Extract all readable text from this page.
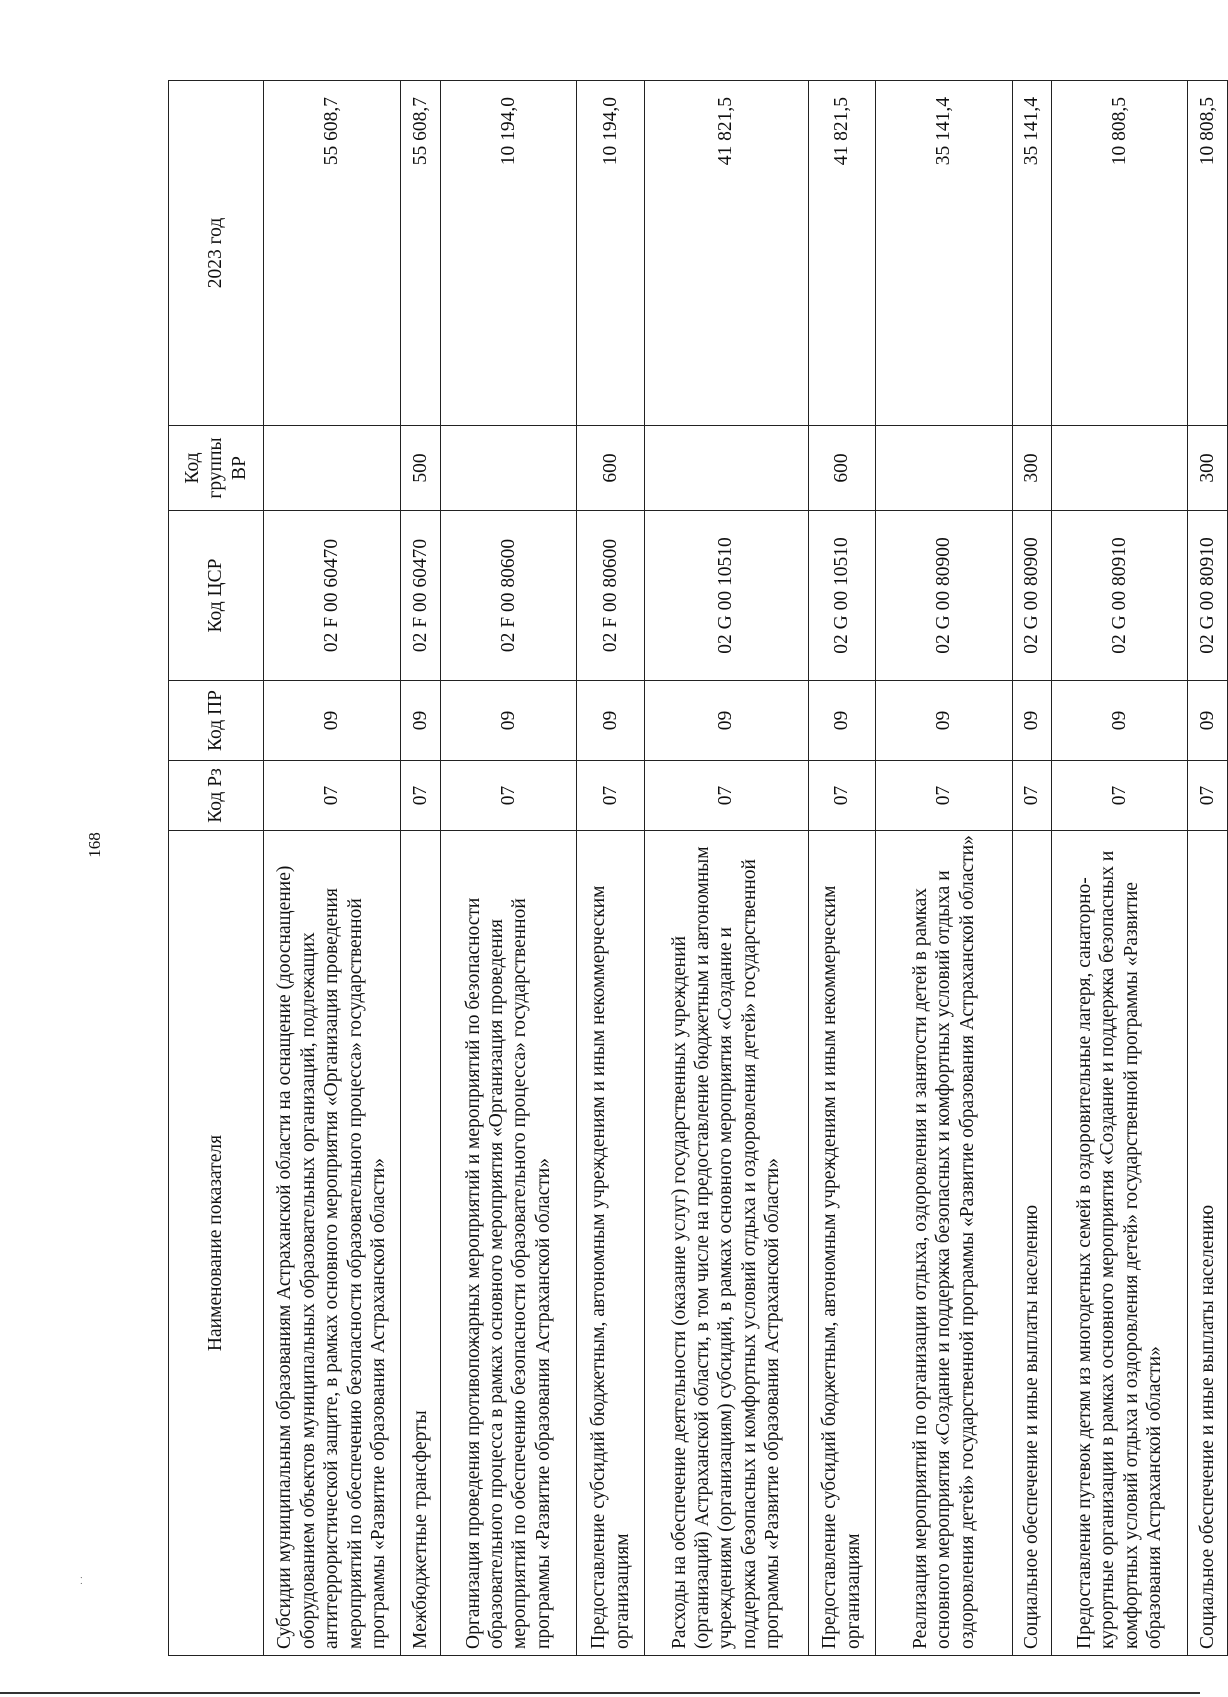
168
· ·
Наименование показателя	Код Рз	Код ПР	Код ЦСР	Код группы ВР	2023 год
Субсидии муниципальным образованиям Астраханской области на оснащение (дооснащение) оборудованием объектов муниципальных образовательных организаций, подлежащих антитеррористической защите, в рамках основного мероприятия «Организация проведения мероприятий по обеспечению безопасности образовательного процесса» государственной программы «Развитие образования Астраханской области»	07	09	02 F 00 60470		55 608,7
Межбюджетные трансферты	07	09	02 F 00 60470	500	55 608,7
Организация проведения противопожарных мероприятий и мероприятий по безопасности образовательного процесса в рамках основного мероприятия «Организация проведения мероприятий по обеспечению безопасности образовательного процесса» государственной программы «Развитие образования Астраханской области»	07	09	02 F 00 80600		10 194,0
Предоставление субсидий бюджетным, автономным учреждениям и иным некоммерческим организациям	07	09	02 F 00 80600	600	10 194,0
Расходы на обеспечение деятельности (оказание услуг) государственных учреждений (организаций) Астраханской области, в том числе на предоставление бюджетным и автономным учреждениям (организациям) субсидий, в рамках основного мероприятия «Создание и поддержка безопасных и комфортных условий отдыха и оздоровления детей» государственной программы «Развитие образования Астраханской области»	07	09	02 G 00 10510		41 821,5
Предоставление субсидий бюджетным, автономным учреждениям и иным некоммерческим организациям	07	09	02 G 00 10510	600	41 821,5
Реализация мероприятий по организации отдыха, оздоровления и занятости детей в рамках основного мероприятия «Создание и поддержка безопасных и комфортных условий отдыха и оздоровления детей» государственной программы «Развитие образования Астраханской области»	07	09	02 G 00 80900		35 141,4
Социальное обеспечение и иные выплаты населению	07	09	02 G 00 80900	300	35 141,4
Предоставление путевок детям из многодетных семей в оздоровительные лагеря, санаторно-курортные организации в рамках основного мероприятия «Создание и поддержка безопасных и комфортных условий отдыха и оздоровления детей» государственной программы «Развитие образования Астраханской области»	07	09	02 G 00 80910		10 808,5
Социальное обеспечение и иные выплаты населению	07	09	02 G 00 80910	300	10 808,5
